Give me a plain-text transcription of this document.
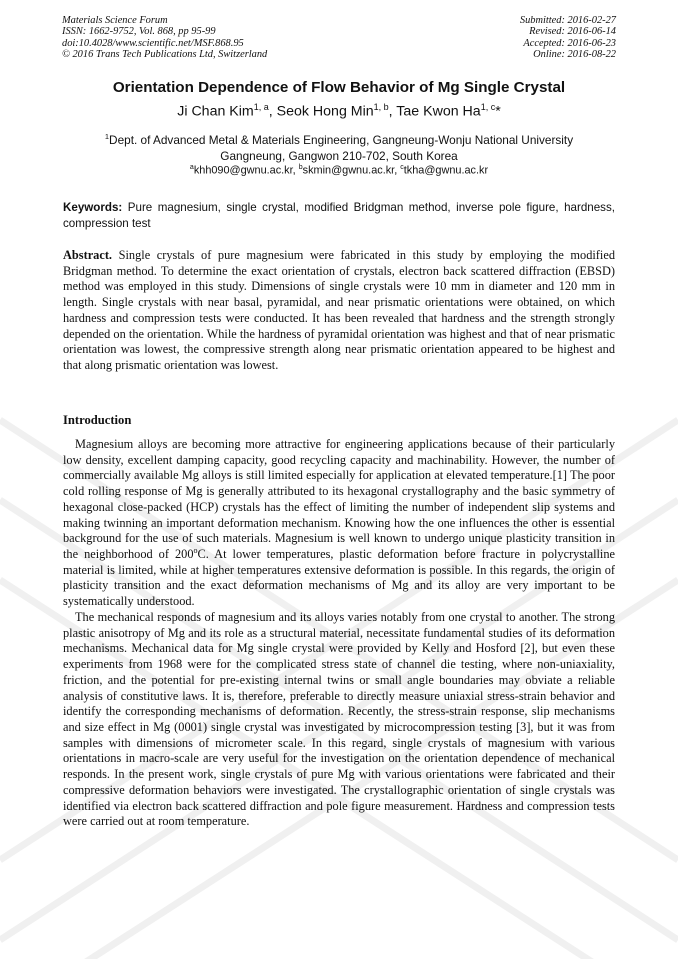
Materials Science Forum
ISSN: 1662-9752, Vol. 868, pp 95-99
doi:10.4028/www.scientific.net/MSF.868.95
© 2016 Trans Tech Publications Ltd, Switzerland
Submitted: 2016-02-27
Revised: 2016-06-14
Accepted: 2016-06-23
Online: 2016-08-22
Orientation Dependence of Flow Behavior of Mg Single Crystal
Ji Chan Kim$^{1, a}$, Seok Hong Min$^{1, b}$, Tae Kwon Ha$^{1, c}$*
$^1$Dept. of Advanced Metal & Materials Engineering, Gangneung-Wonju National University
Gangneung, Gangwon 210-702, South Korea
$^a$khh090@gwnu.ac.kr, $^b$skmin@gwnu.ac.kr, $^c$tkha@gwnu.ac.kr
Keywords: Pure magnesium, single crystal, modified Bridgman method, inverse pole figure, hardness, compression test
Abstract. Single crystals of pure magnesium were fabricated in this study by employing the modified Bridgman method. To determine the exact orientation of crystals, electron back scattered diffraction (EBSD) method was employed in this study. Dimensions of single crystals were 10 mm in diameter and 120 mm in length. Single crystals with near basal, pyramidal, and near prismatic orientations were obtained, on which hardness and compression tests were conducted. It has been revealed that hardness and the strength strongly depended on the orientation. While the hardness of pyramidal orientation was highest and that of near prismatic orientation was lowest, the compressive strength along near prismatic orientation appeared to be highest and that along prismatic orientation was lowest.
Introduction

Magnesium alloys are becoming more attractive for engineering applications because of their particularly low density, excellent damping capacity, good recycling capacity and machinability. However, the number of commercially available Mg alloys is still limited especially for application at elevated temperature.[1] The poor cold rolling response of Mg is generally attributed to its hexagonal crystallography and the basic symmetry of hexagonal close-packed (HCP) crystals has the effect of limiting the number of independent slip systems and making twinning an important deformation mechanism. Knowing how the one influences the other is essential background for the use of such materials. Magnesium is well known to undergo unique plasticity transition in the neighborhood of 200$^o$C. At lower temperatures, plastic deformation before fracture in polycrystalline material is limited, while at higher temperatures extensive deformation is possible. In this regards, the origin of plasticity transition and the exact deformation mechanisms of Mg and its alloy are very important to be systematically understood.

The mechanical responds of magnesium and its alloys varies notably from one crystal to another. The strong plastic anisotropy of Mg and its role as a structural material, necessitate fundamental studies of its deformation mechanisms. Mechanical data for Mg single crystal were provided by Kelly and Hosford [2], but even these experiments from 1968 were for the complicated stress state of channel die testing, where non-uniaxiality, friction, and the potential for pre-existing internal twins or small angle boundaries may obviate a reliable analysis of constitutive laws. It is, therefore, preferable to directly measure uniaxial stress-strain behavior and identify the corresponding mechanisms of deformation. Recently, the stress-strain response, slip mechanisms and size effect in Mg (0001) single crystal was investigated by microcompression testing [3], but it was from samples with dimensions of micrometer scale. In this regard, single crystals of magnesium with various orientations in macro-scale are very useful for the investigation on the orientation dependence of mechanical responds. In the present work, single crystals of pure Mg with various orientations were fabricated and their compressive deformation behaviors were investigated. The crystallographic orientation of single crystals was identified via electron back scattered diffraction and pole figure measurement. Hardness and compression tests were carried out at room temperature.
